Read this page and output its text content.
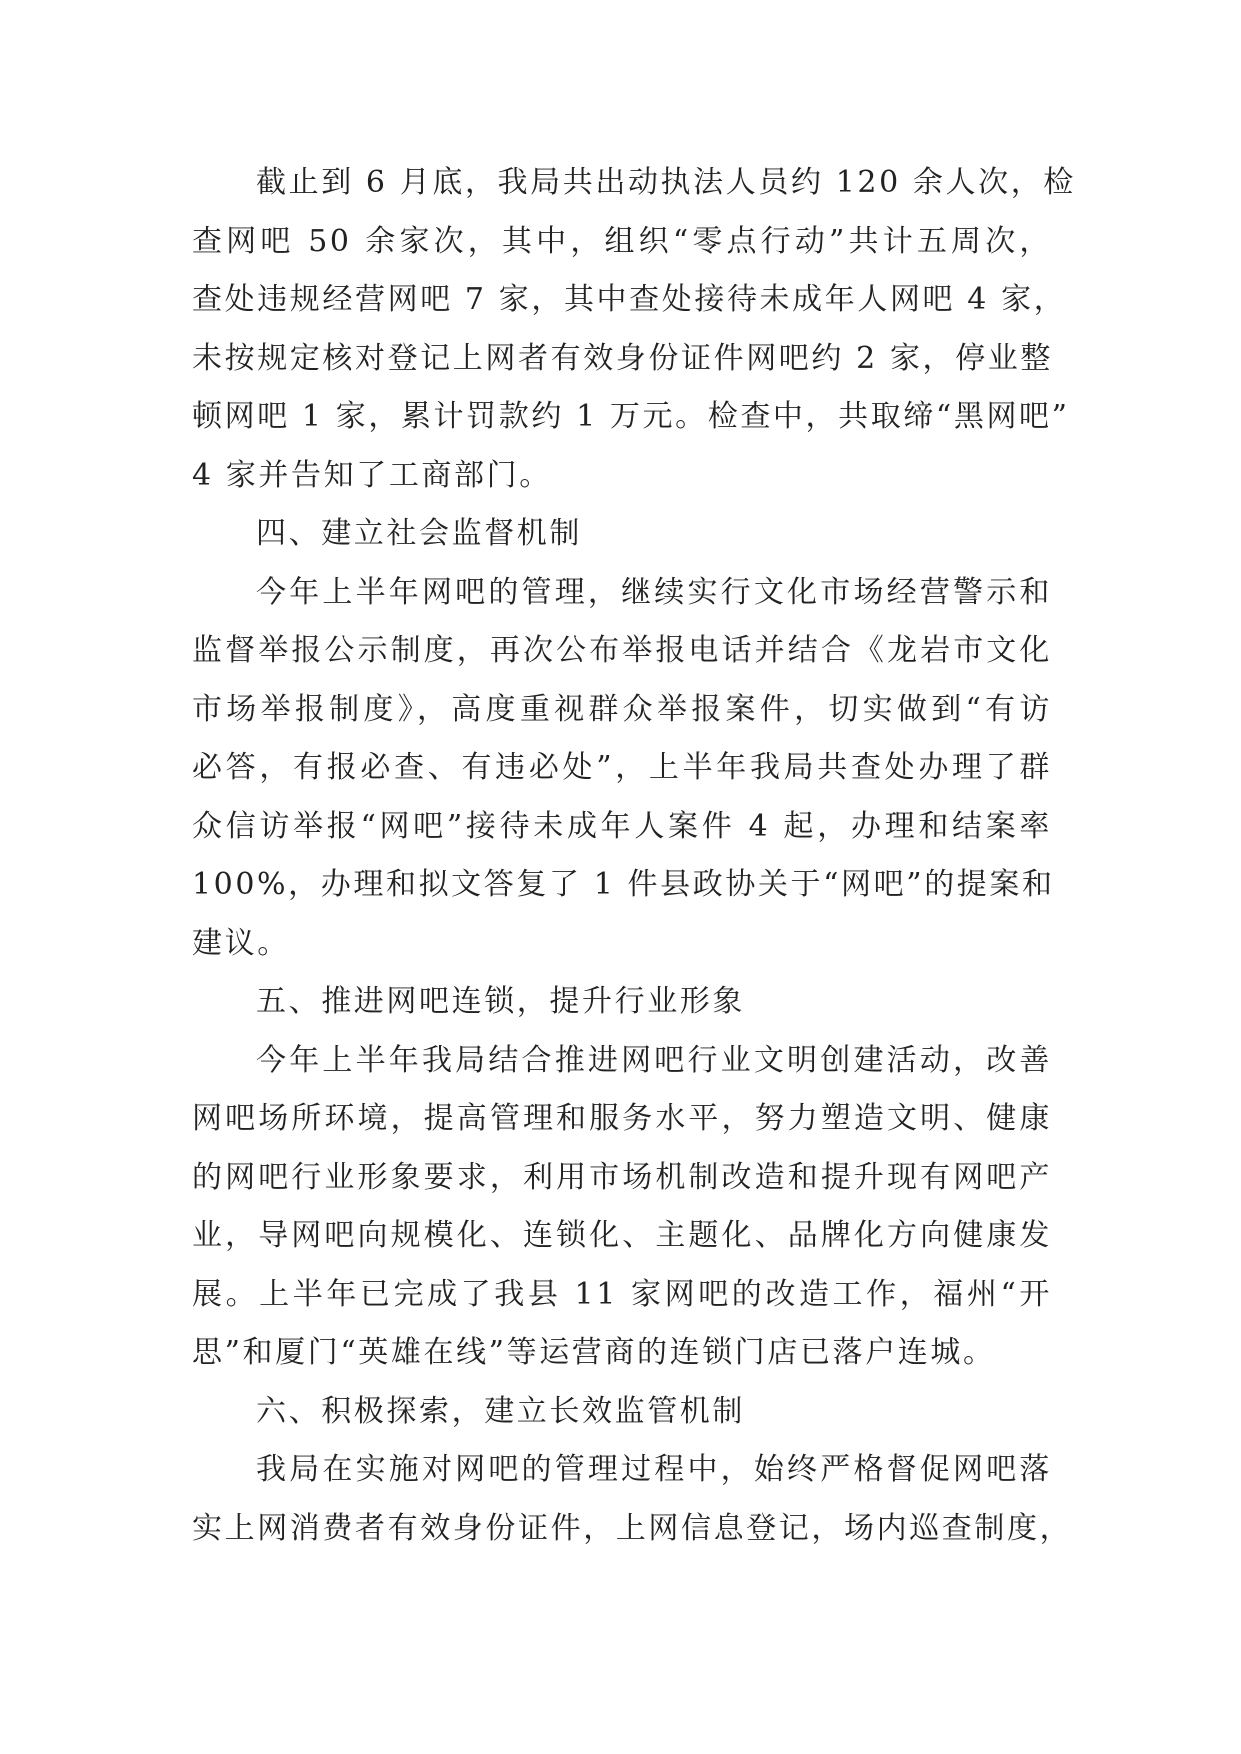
截止到 6 月底，我局共出动执法人员约 120 余人次，检
查网吧 50 余家次，其中，组织“零点行动”共计五周次，
查处违规经营网吧 7 家，其中查处接待未成年人网吧 4 家，
未按规定核对登记上网者有效身份证件网吧约 2 家，停业整
顿网吧 1 家，累计罚款约 1 万元。检查中，共取缔“黑网吧”
4 家并告知了工商部门。

四、建立社会监督机制

今年上半年网吧的管理，继续实行文化市场经营警示和
监督举报公示制度，再次公布举报电话并结合《龙岩市文化
市场举报制度》，高度重视群众举报案件，切实做到“有访
必答，有报必查、有违必处”，上半年我局共查处办理了群
众信访举报“网吧”接待未成年人案件 4 起，办理和结案率
100%，办理和拟文答复了 1 件县政协关于“网吧”的提案和
建议。

五、推进网吧连锁，提升行业形象

今年上半年我局结合推进网吧行业文明创建活动，改善
网吧场所环境，提高管理和服务水平，努力塑造文明、健康
的网吧行业形象要求，利用市场机制改造和提升现有网吧产
业，导网吧向规模化、连锁化、主题化、品牌化方向健康发
展。上半年已完成了我县 11 家网吧的改造工作，福州“开
思”和厦门“英雄在线”等运营商的连锁门店已落户连城。

六、积极探索，建立长效监管机制

我局在实施对网吧的管理过程中，始终严格督促网吧落
实上网消费者有效身份证件，上网信息登记，场内巡查制度，
